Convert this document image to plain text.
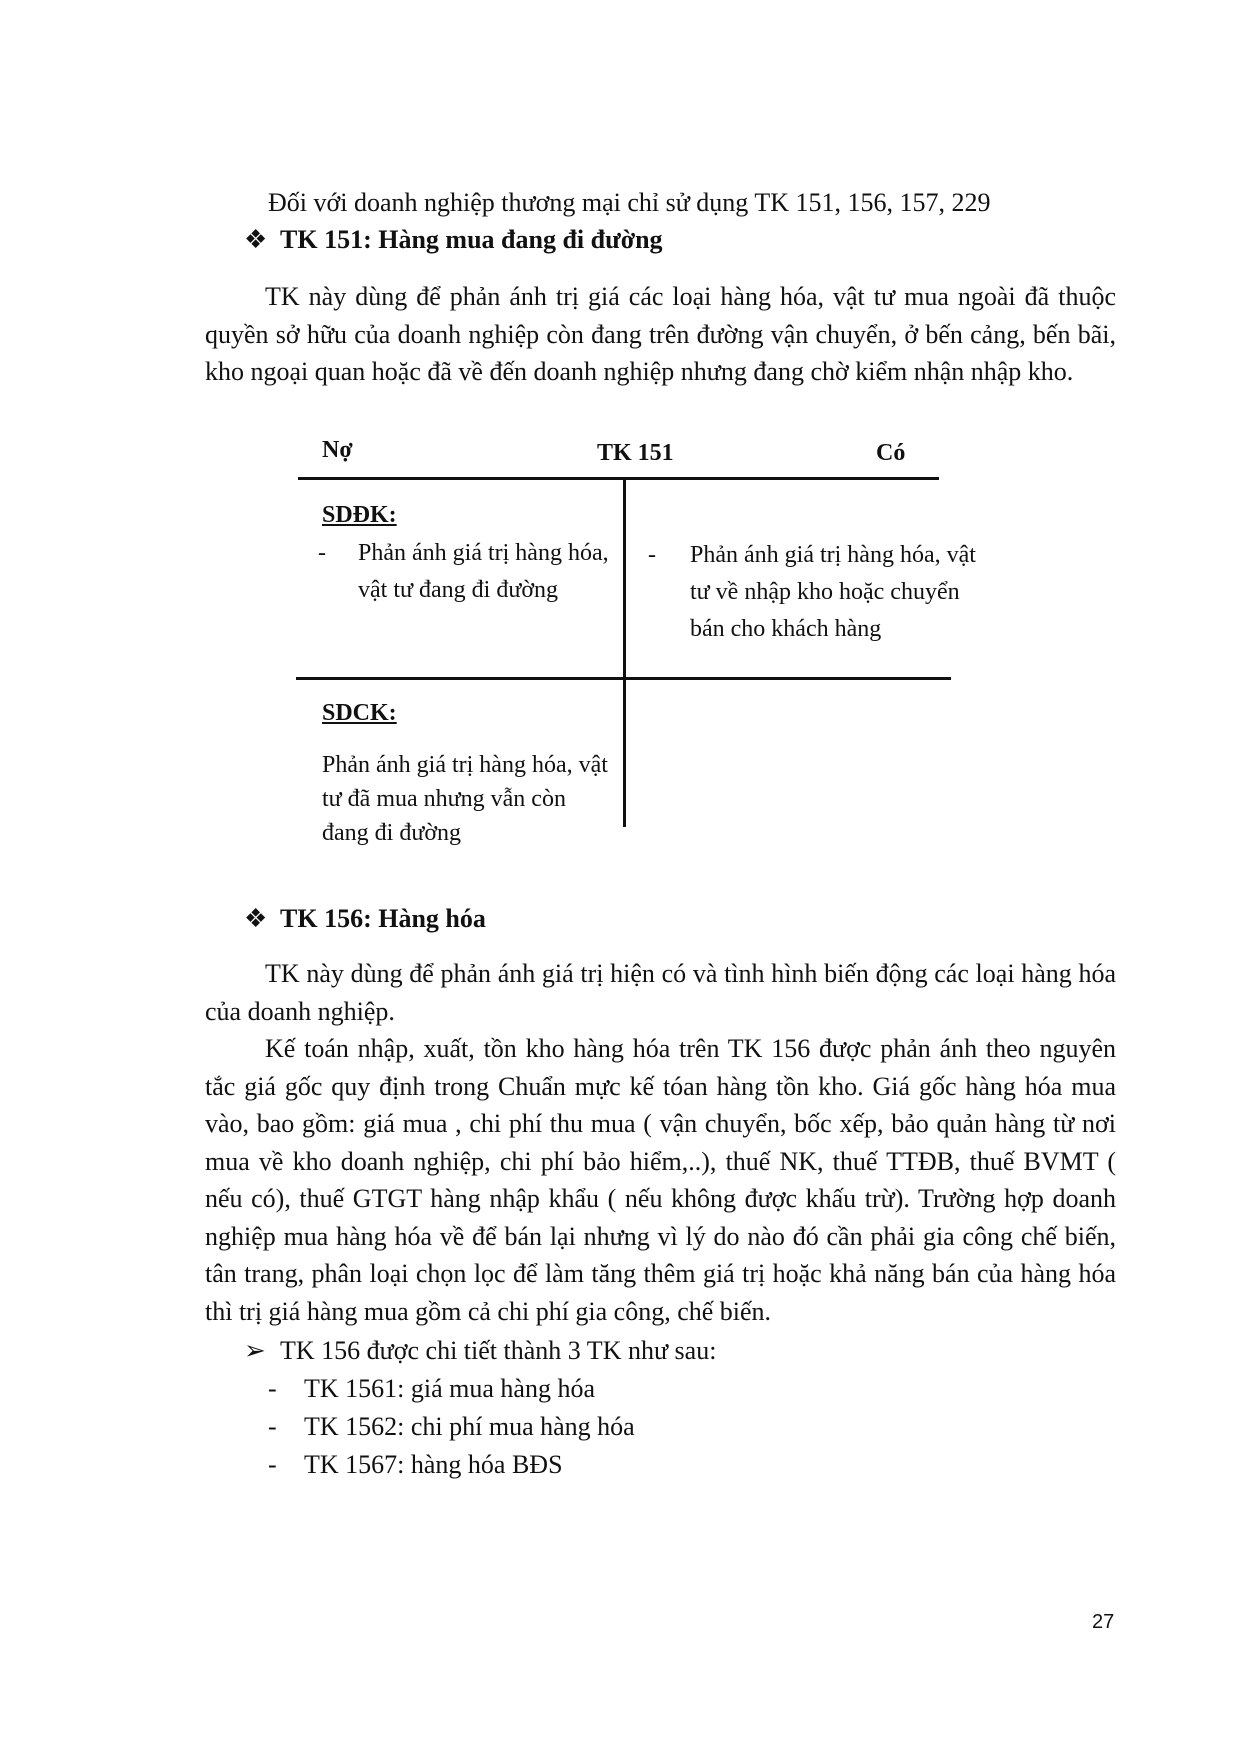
Đối với doanh nghiệp thương mại chỉ sử dụng TK 151, 156, 157, 229
❖ TK 151: Hàng mua đang đi đường
TK này dùng để phản ánh trị giá các loại hàng hóa, vật tư mua ngoài đã thuộc quyền sở hữu của doanh nghiệp còn đang trên đường vận chuyển, ở bến cảng, bến bãi, kho ngoại quan hoặc đã về đến doanh nghiệp nhưng đang chờ kiểm nhận nhập kho.
Nợ	TK 151	Có
SDĐK:
- Phản ánh giá trị hàng hóa, vật tư đang đi đường
- Phản ánh giá trị hàng hóa, vật tư về nhập kho hoặc chuyển bán cho khách hàng
SDCK:
Phản ánh giá trị hàng hóa, vật tư đã mua nhưng vẫn còn đang đi đường
❖ TK 156: Hàng hóa
TK này dùng để phản ánh giá trị hiện có và tình hình biến động các loại hàng hóa của doanh nghiệp.
Kế toán nhập, xuất, tồn kho hàng hóa trên TK 156 được phản ánh theo nguyên tắc giá gốc quy định trong Chuẩn mực kế tóan hàng tồn kho. Giá gốc hàng hóa mua vào, bao gồm: giá mua , chi phí thu mua ( vận chuyển, bốc xếp, bảo quản hàng từ nơi mua về kho doanh nghiệp, chi phí bảo hiểm,..), thuế NK, thuế TTĐB, thuế BVMT ( nếu có), thuế GTGT hàng nhập khẩu ( nếu không được khấu trừ). Trường hợp doanh nghiệp mua hàng hóa về để bán lại nhưng vì lý do nào đó cần phải gia công chế biến, tân trang, phân loại chọn lọc để làm tăng thêm giá trị hoặc khả năng bán của hàng hóa thì trị giá hàng mua gồm cả chi phí gia công, chế biến.
➢ TK 156 được chi tiết thành 3 TK như sau:
- TK 1561: giá mua hàng hóa
- TK 1562: chi phí mua hàng hóa
- TK 1567: hàng hóa BĐS
27
